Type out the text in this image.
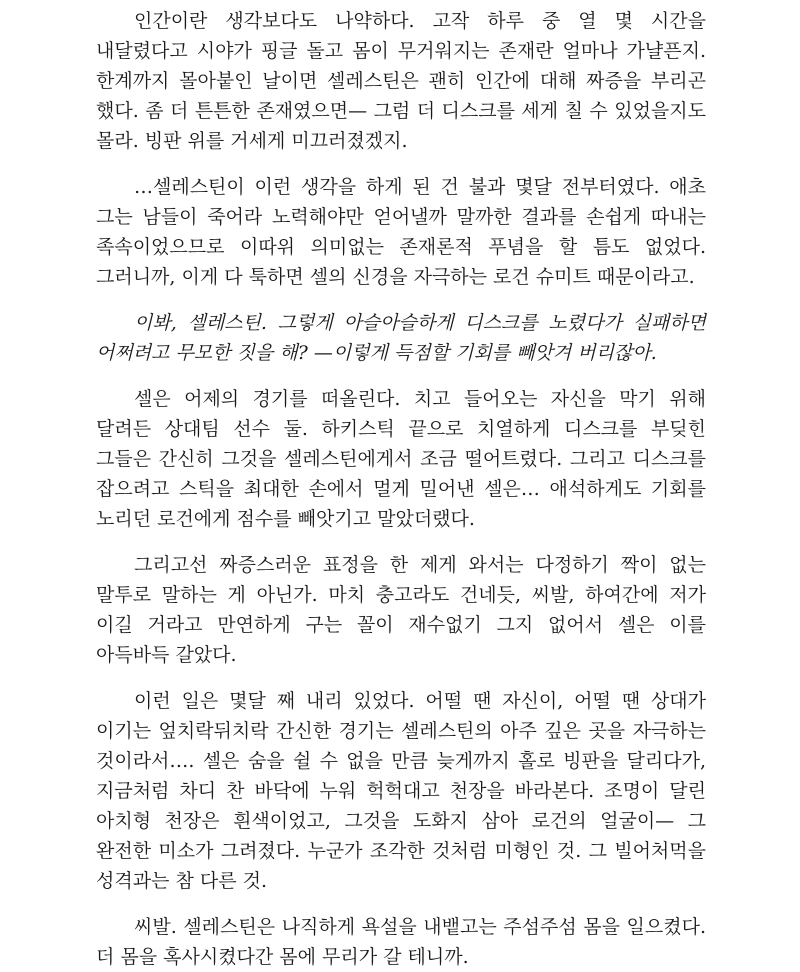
인간이란 생각보다도 나약하다. 고작 하루 중 열 몇 시간을 내달렸다고 시야가 핑글 돌고 몸이 무거워지는 존재란 얼마나 가냘픈지. 한계까지 몰아붙인 날이면 셀레스틴은 괜히 인간에 대해 짜증을 부리곤 했다. 좀 더 튼튼한 존재였으면— 그럼 더 디스크를 세게 칠 수 있었을지도 몰라. 빙판 위를 거세게 미끄러졌겠지.

…셀레스틴이 이런 생각을 하게 된 건 불과 몇달 전부터였다. 애초 그는 남들이 죽어라 노력해야만 얻어낼까 말까한 결과를 손쉽게 따내는 족속이었으므로 이따위 의미없는 존재론적 푸념을 할 틈도 없었다. 그러니까, 이게 다 툭하면 셀의 신경을 자극하는 로건 슈미트 때문이라고.

이봐, 셀레스틴. 그렇게 아슬아슬하게 디스크를 노렸다가 실패하면 어쩌려고 무모한 짓을 해? —이렇게 득점할 기회를 빼앗겨 버리잖아.

셀은 어제의 경기를 떠올린다. 치고 들어오는 자신을 막기 위해 달려든 상대팀 선수 둘. 하키스틱 끝으로 치열하게 디스크를 부딪힌 그들은 간신히 그것을 셀레스틴에게서 조금 떨어트렸다. 그리고 디스크를 잡으려고 스틱을 최대한 손에서 멀게 밀어낸 셀은… 애석하게도 기회를 노리던 로건에게 점수를 빼앗기고 말았더랬다.

그리고선 짜증스러운 표정을 한 제게 와서는 다정하기 짝이 없는 말투로 말하는 게 아닌가. 마치 충고라도 건네듯, 씨발, 하여간에 저가 이길 거라고 만연하게 구는 꼴이 재수없기 그지 없어서 셀은 이를 아득바득 갈았다.

이런 일은 몇달 째 내리 있었다. 어떨 땐 자신이, 어떨 땐 상대가 이기는 엎치락뒤치락 간신한 경기는 셀레스틴의 아주 깊은 곳을 자극하는 것이라서…. 셀은 숨을 쉴 수 없을 만큼 늦게까지 홀로 빙판을 달리다가, 지금처럼 차디 찬 바닥에 누워 헉헉대고 천장을 바라본다. 조명이 달린 아치형 천장은 흰색이었고, 그것을 도화지 삼아 로건의 얼굴이— 그 완전한 미소가 그려졌다. 누군가 조각한 것처럼 미형인 것. 그 빌어처먹을 성격과는 참 다른 것.

씨발. 셀레스틴은 나직하게 욕설을 내뱉고는 주섬주섬 몸을 일으켰다. 더 몸을 혹사시켰다간 몸에 무리가 갈 테니까.
